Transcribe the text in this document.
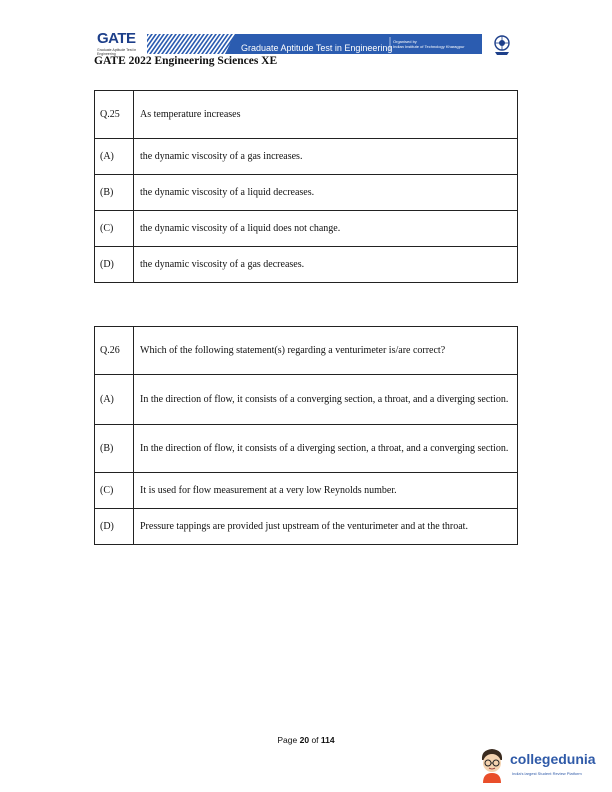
GATE
Graduate Aptitude Test in Engineering
Graduate Aptitude Test in Engineering
Organised by
Indian Institute of Technology Kharagpur
GATE 2022 Engineering Sciences XE
Q.25	As temperature increases
(A)	the dynamic viscosity of a gas increases.
(B)	the dynamic viscosity of a liquid decreases.
(C)	the dynamic viscosity of a liquid does not change.
(D)	the dynamic viscosity of a gas decreases.
Q.26	Which of the following statement(s) regarding a venturimeter is/are correct?
(A)	In the direction of flow, it consists of a converging section, a throat, and a diverging section.
(B)	In the direction of flow, it consists of a diverging section, a throat, and a converging section.
(C)	It is used for flow measurement at a very low Reynolds number.
(D)	Pressure tappings are provided just upstream of the venturimeter and at the throat.
Page 20 of 114
collegedunia
India's largest Student Review Platform
